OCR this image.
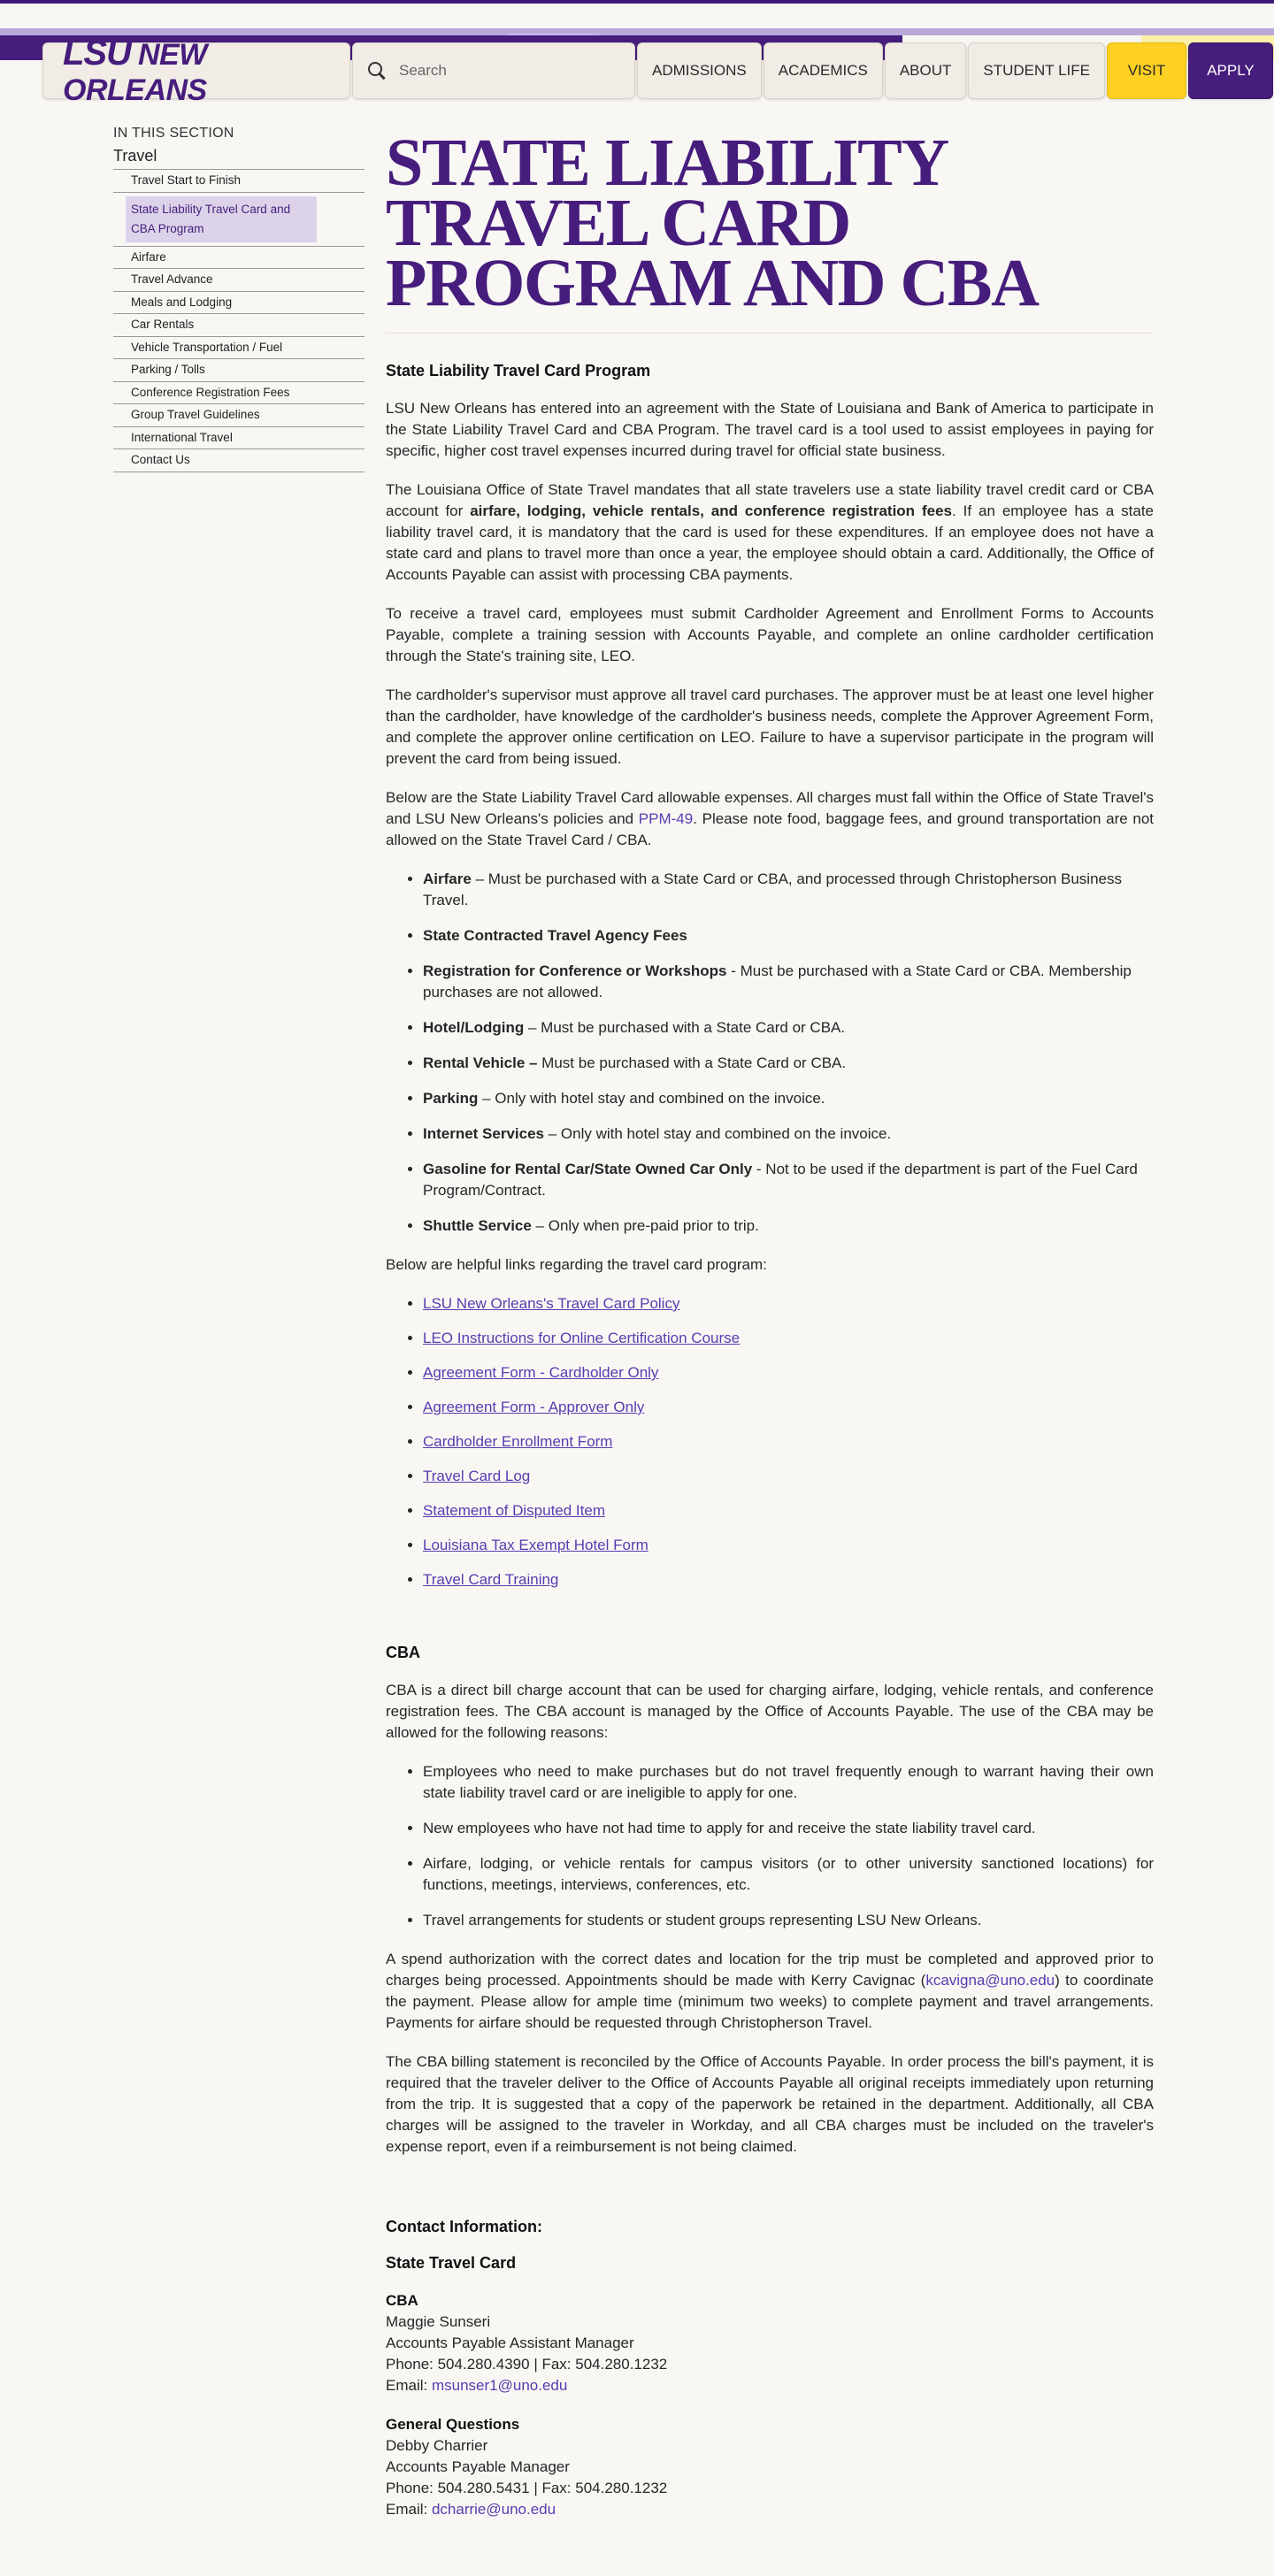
LSU NEW ORLEANS
Search
ADMISSIONS	ACADEMICS	ABOUT	STUDENT LIFE	VISIT	APPLY
IN THIS SECTION
Travel
Travel Start to Finish
State Liability Travel Card and CBA Program
Airfare
Travel Advance
Meals and Lodging
Car Rentals
Vehicle Transportation / Fuel
Parking / Tolls
Conference Registration Fees
Group Travel Guidelines
International Travel
Contact Us
STATE LIABILITY TRAVEL CARD PROGRAM AND CBA
State Liability Travel Card Program

LSU New Orleans has entered into an agreement with the State of Louisiana and Bank of America to participate in the State Liability Travel Card and CBA Program. The travel card is a tool used to assist employees in paying for specific, higher cost travel expenses incurred during travel for official state business.

The Louisiana Office of State Travel mandates that all state travelers use a state liability travel credit card or CBA account for airfare, lodging, vehicle rentals, and conference registration fees. If an employee has a state liability travel card, it is mandatory that the card is used for these expenditures. If an employee does not have a state card and plans to travel more than once a year, the employee should obtain a card. Additionally, the Office of Accounts Payable can assist with processing CBA payments.

To receive a travel card, employees must submit Cardholder Agreement and Enrollment Forms to Accounts Payable, complete a training session with Accounts Payable, and complete an online cardholder certification through the State's training site, LEO.

The cardholder's supervisor must approve all travel card purchases. The approver must be at least one level higher than the cardholder, have knowledge of the cardholder's business needs, complete the Approver Agreement Form, and complete the approver online certification on LEO. Failure to have a supervisor participate in the program will prevent the card from being issued.

Below are the State Liability Travel Card allowable expenses. All charges must fall within the Office of State Travel's and LSU New Orleans's policies and PPM-49. Please note food, baggage fees, and ground transportation are not allowed on the State Travel Card / CBA.

• Airfare – Must be purchased with a State Card or CBA, and processed through Christopherson Business Travel.
• State Contracted Travel Agency Fees
• Registration for Conference or Workshops - Must be purchased with a State Card or CBA. Membership purchases are not allowed.
• Hotel/Lodging – Must be purchased with a State Card or CBA.
• Rental Vehicle – Must be purchased with a State Card or CBA.
• Parking – Only with hotel stay and combined on the invoice.
• Internet Services – Only with hotel stay and combined on the invoice.
• Gasoline for Rental Car/State Owned Car Only - Not to be used if the department is part of the Fuel Card Program/Contract.
• Shuttle Service – Only when pre-paid prior to trip.

Below are helpful links regarding the travel card program:

• LSU New Orleans's Travel Card Policy
• LEO Instructions for Online Certification Course
• Agreement Form - Cardholder Only
• Agreement Form - Approver Only
• Cardholder Enrollment Form
• Travel Card Log
• Statement of Disputed Item
• Louisiana Tax Exempt Hotel Form
• Travel Card Training
CBA

CBA is a direct bill charge account that can be used for charging airfare, lodging, vehicle rentals, and conference registration fees. The CBA account is managed by the Office of Accounts Payable. The use of the CBA may be allowed for the following reasons:

• Employees who need to make purchases but do not travel frequently enough to warrant having their own state liability travel card or are ineligible to apply for one.
• New employees who have not had time to apply for and receive the state liability travel card.
• Airfare, lodging, or vehicle rentals for campus visitors (or to other university sanctioned locations) for functions, meetings, interviews, conferences, etc.
• Travel arrangements for students or student groups representing LSU New Orleans.

A spend authorization with the correct dates and location for the trip must be completed and approved prior to charges being processed. Appointments should be made with Kerry Cavignac (kcavigna@uno.edu) to coordinate the payment. Please allow for ample time (minimum two weeks) to complete payment and travel arrangements. Payments for airfare should be requested through Christopherson Travel.

The CBA billing statement is reconciled by the Office of Accounts Payable. In order process the bill's payment, it is required that the traveler deliver to the Office of Accounts Payable all original receipts immediately upon returning from the trip. It is suggested that a copy of the paperwork be retained in the department. Additionally, all CBA charges will be assigned to the traveler in Workday, and all CBA charges must be included on the traveler's expense report, even if a reimbursement is not being claimed.

Contact Information:
State Travel Card
CBA
Maggie Sunseri
Accounts Payable Assistant Manager
Phone: 504.280.4390 | Fax: 504.280.1232
Email: msunser1@uno.edu
General Questions
Debby Charrier
Accounts Payable Manager
Phone: 504.280.5431 | Fax: 504.280.1232
Email: dcharrie@uno.edu
